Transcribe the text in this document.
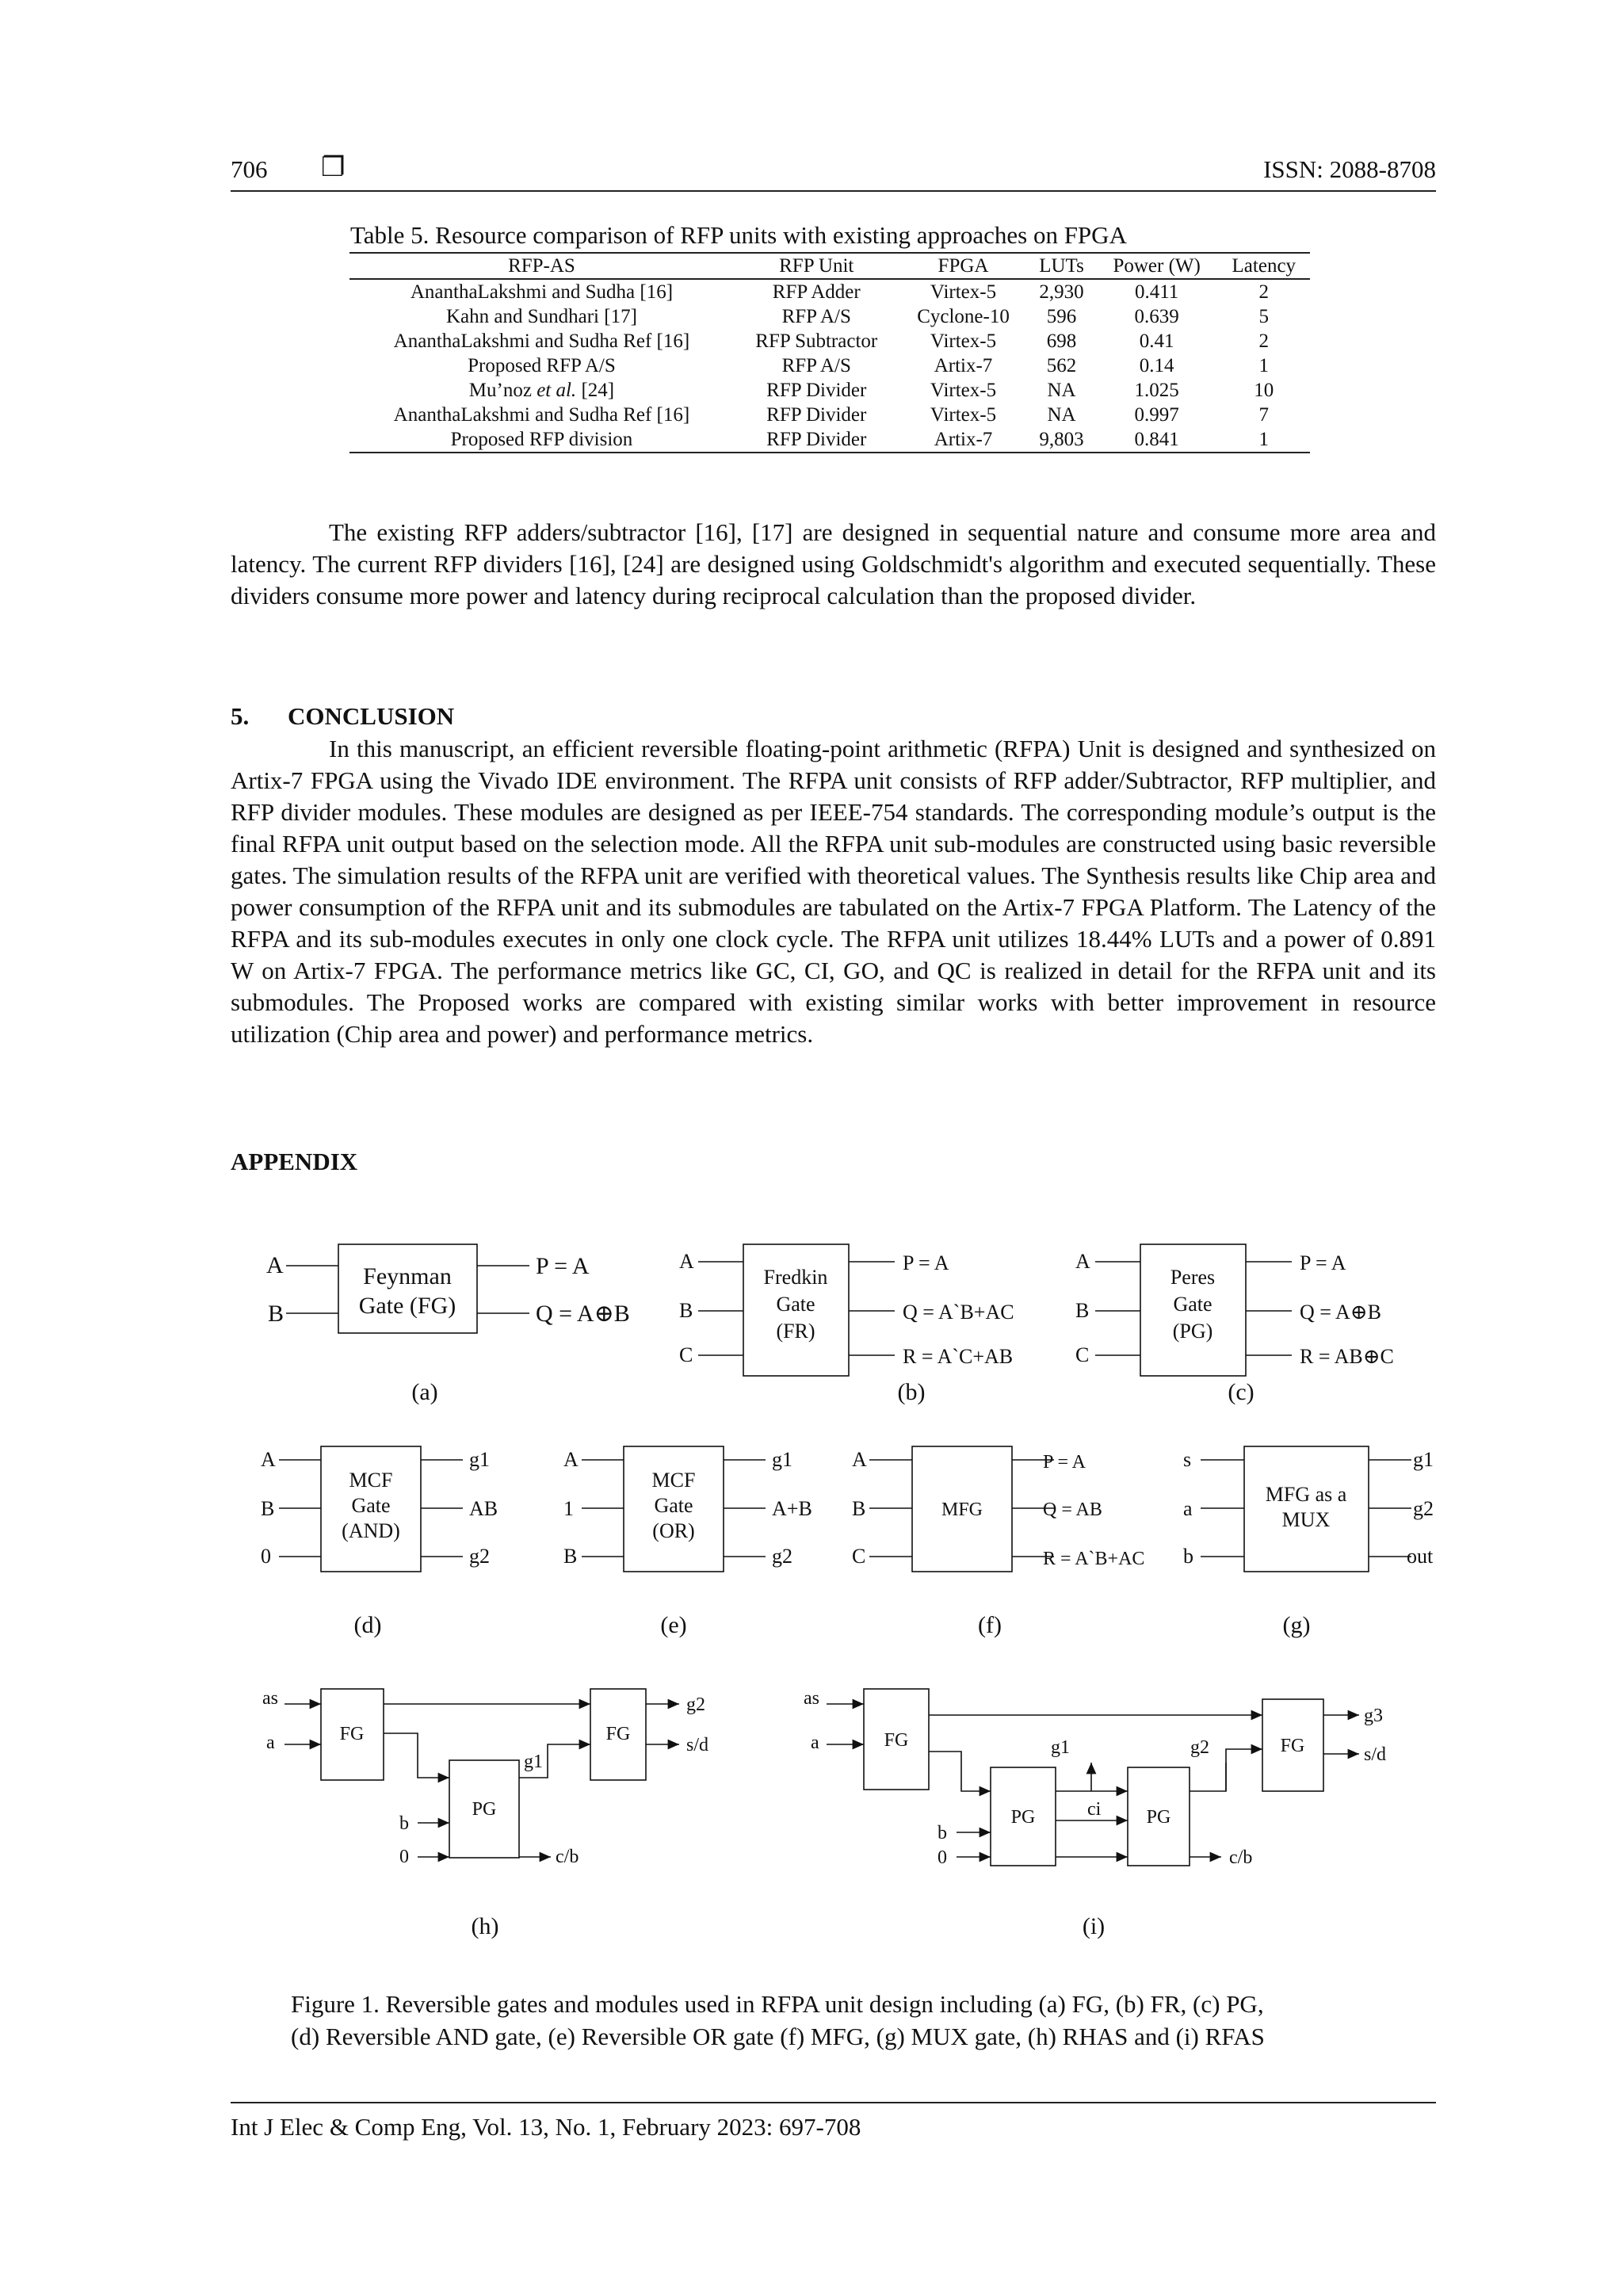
706 ❐	ISSN: 2088-8708
Table 5. Resource comparison of RFP units with existing approaches on FPGA
RFP-AS	RFP Unit	FPGA	LUTs	Power (W)	Latency
AnanthaLakshmi and Sudha [16]	RFP Adder	Virtex-5	2,930	0.411	2
Kahn and Sundhari [17]	RFP A/S	Cyclone-10	596	0.639	5
AnanthaLakshmi and Sudha Ref [16]	RFP Subtractor	Virtex-5	698	0.41	2
Proposed RFP A/S	RFP A/S	Artix-7	562	0.14	1
Mu’noz et al. [24]	RFP Divider	Virtex-5	NA	1.025	10
AnanthaLakshmi and Sudha Ref [16]	RFP Divider	Virtex-5	NA	0.997	7
Proposed RFP division	RFP Divider	Artix-7	9,803	0.841	1

The existing RFP adders/subtractor [16], [17] are designed in sequential nature and consume more area and latency. The current RFP dividers [16], [24] are designed using Goldschmidt's algorithm and executed sequentially. These dividers consume more power and latency during reciprocal calculation than the proposed divider.

5. CONCLUSION

In this manuscript, an efficient reversible floating-point arithmetic (RFPA) Unit is designed and synthesized on Artix-7 FPGA using the Vivado IDE environment. The RFPA unit consists of RFP adder/Subtractor, RFP multiplier, and RFP divider modules. These modules are designed as per IEEE-754 standards. The corresponding module’s output is the final RFPA unit output based on the selection mode. All the RFPA unit sub-modules are constructed using basic reversible gates. The simulation results of the RFPA unit are verified with theoretical values. The Synthesis results like Chip area and power consumption of the RFPA unit and its submodules are tabulated on the Artix-7 FPGA Platform. The Latency of the RFPA and its sub-modules executes in only one clock cycle. The RFPA unit utilizes 18.44% LUTs and a power of 0.891 W on Artix-7 FPGA. The performance metrics like GC, CI, GO, and QC is realized in detail for the RFPA unit and its submodules. The Proposed works are compared with existing similar works with better improvement in resource utilization (Chip area and power) and performance metrics.

APPENDIX
A
B
Feynman
Gate (FG)
P = A
Q = A⊕B
(a)	(b)	(c)
(d)	(e)	(f)	(g)
(h)	(i)
A
B
C
Fredkin
Gate
(FR)
P = A
Q = A`B+AC
R = A`C+AB
A
B
C
Peres
Gate
(PG)
P = A
Q = A⊕B
R = AB⊕C
A
B
0
MCF
Gate
(AND)
g1
AB
g2
A
1
B
MCF
Gate
(OR)
g1
A+B
g2
A
B
C
MFG
P = A
Q = AB
R = A`B+AC
s
a
b
MFG as a
MUX
g1
g2
out
as
a	FG	FG
PG
g1
g2
s/d
b
0	c/b
as
a	FG	FG
PG	PG
g1	g2
ci
g3
s/d
b
0	c/b
Figure 1. Reversible gates and modules used in RFPA unit design including (a) FG, (b) FR, (c) PG,
(d) Reversible AND gate, (e) Reversible OR gate (f) MFG, (g) MUX gate, (h) RHAS and (i) RFAS
Int J Elec & Comp Eng, Vol. 13, No. 1, February 2023: 697-708
